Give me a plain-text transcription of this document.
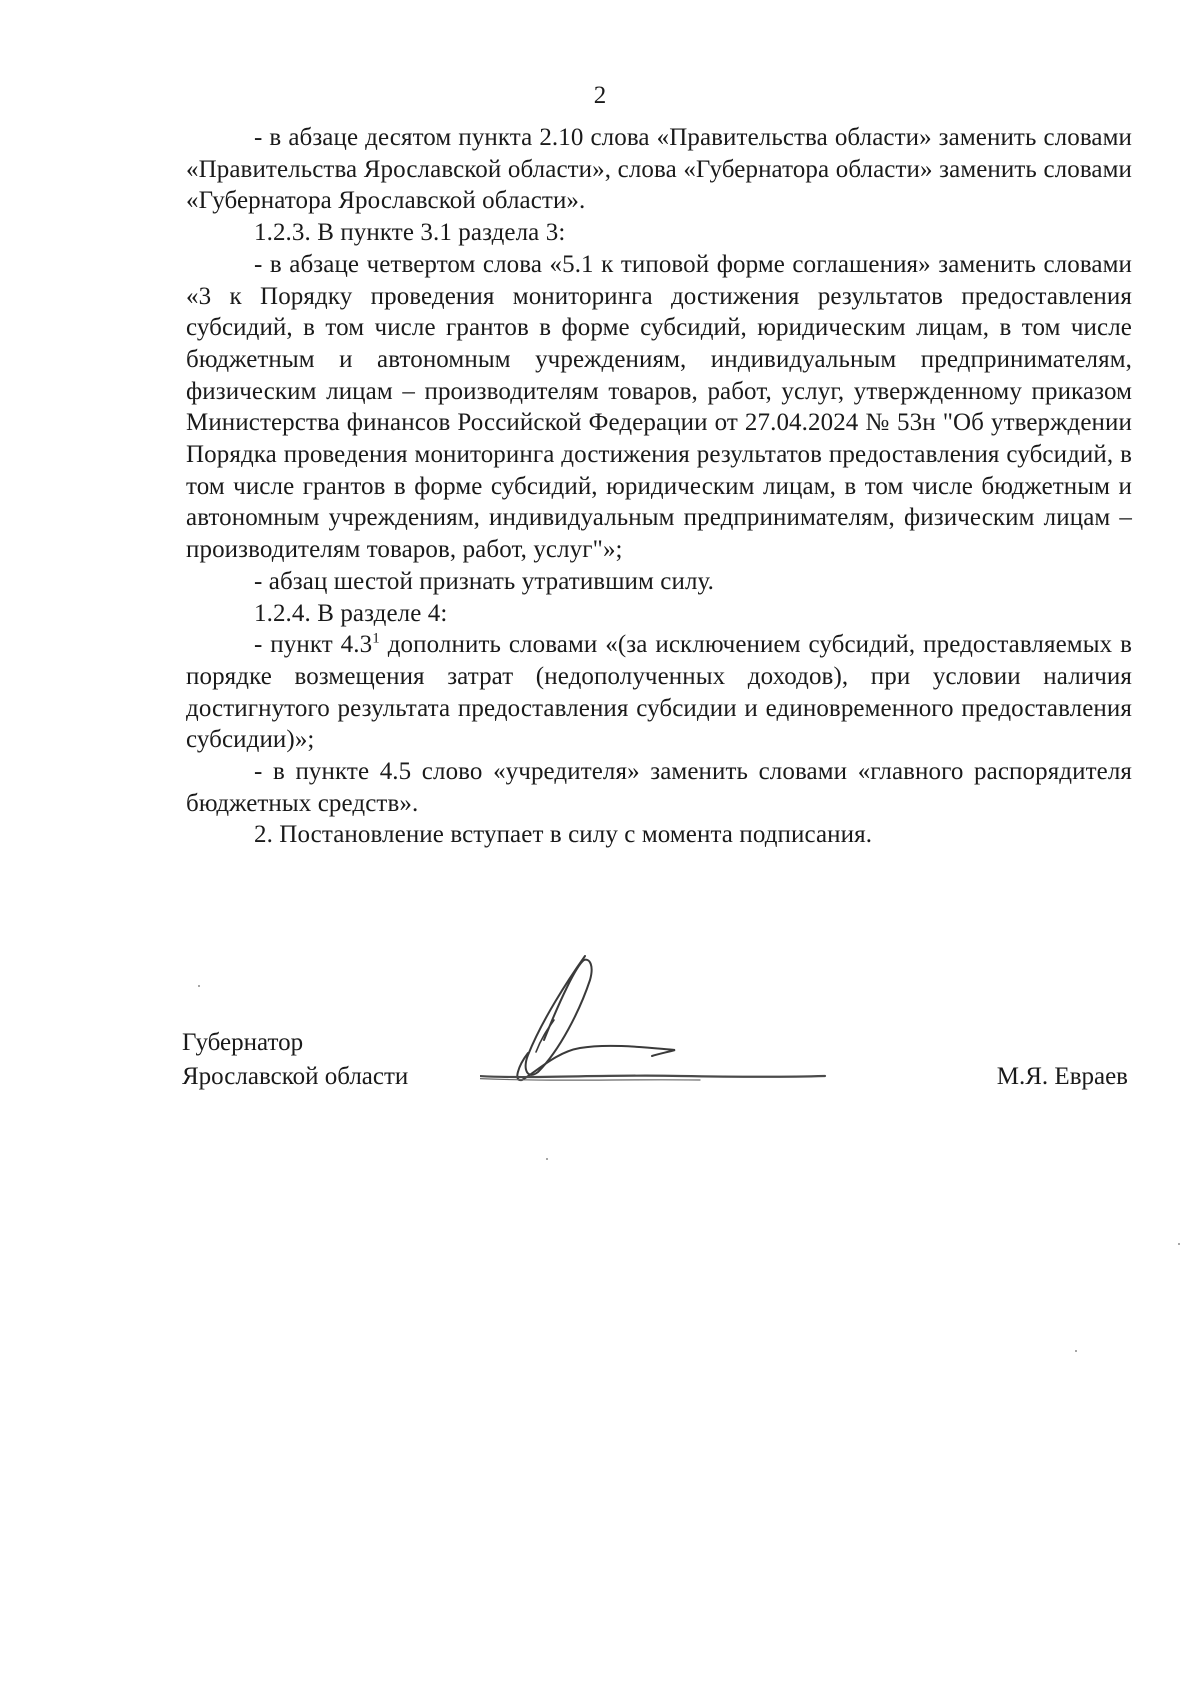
2

- в абзаце десятом пункта 2.10 слова «Правительства области» заменить словами «Правительства Ярославской области», слова «Губернатора области» заменить словами «Губернатора Ярославской области».

1.2.3. В пункте 3.1 раздела 3:

- в абзаце четвертом слова «5.1 к типовой форме соглашения» заменить словами «3 к Порядку проведения мониторинга достижения результатов предоставления субсидий, в том числе грантов в форме субсидий, юридическим лицам, в том числе бюджетным и автономным учреждениям, индивидуальным предпринимателям, физическим лицам – производителям товаров, работ, услуг, утвержденному приказом Министерства финансов Российской Федерации от 27.04.2024 № 53н "Об утверждении Порядка проведения мониторинга достижения результатов предоставления субсидий, в том числе грантов в форме субсидий, юридическим лицам, в том числе бюджетным и автономным учреждениям, индивидуальным предпринимателям, физическим лицам – производителям товаров, работ, услуг"»;

- абзац шестой признать утратившим силу.

1.2.4. В разделе 4:

- пункт $4.3^1$ дополнить словами «(за исключением субсидий, предоставляемых в порядке возмещения затрат (недополученных доходов), при условии наличия достигнутого результата предоставления субсидии и единовременного предоставления субсидии)»;

- в пункте 4.5 слово «учредителя» заменить словами «главного распорядителя бюджетных средств».

2. Постановление вступает в силу с момента подписания.

Губернатор
Ярославской области	М.Я. Евраев
